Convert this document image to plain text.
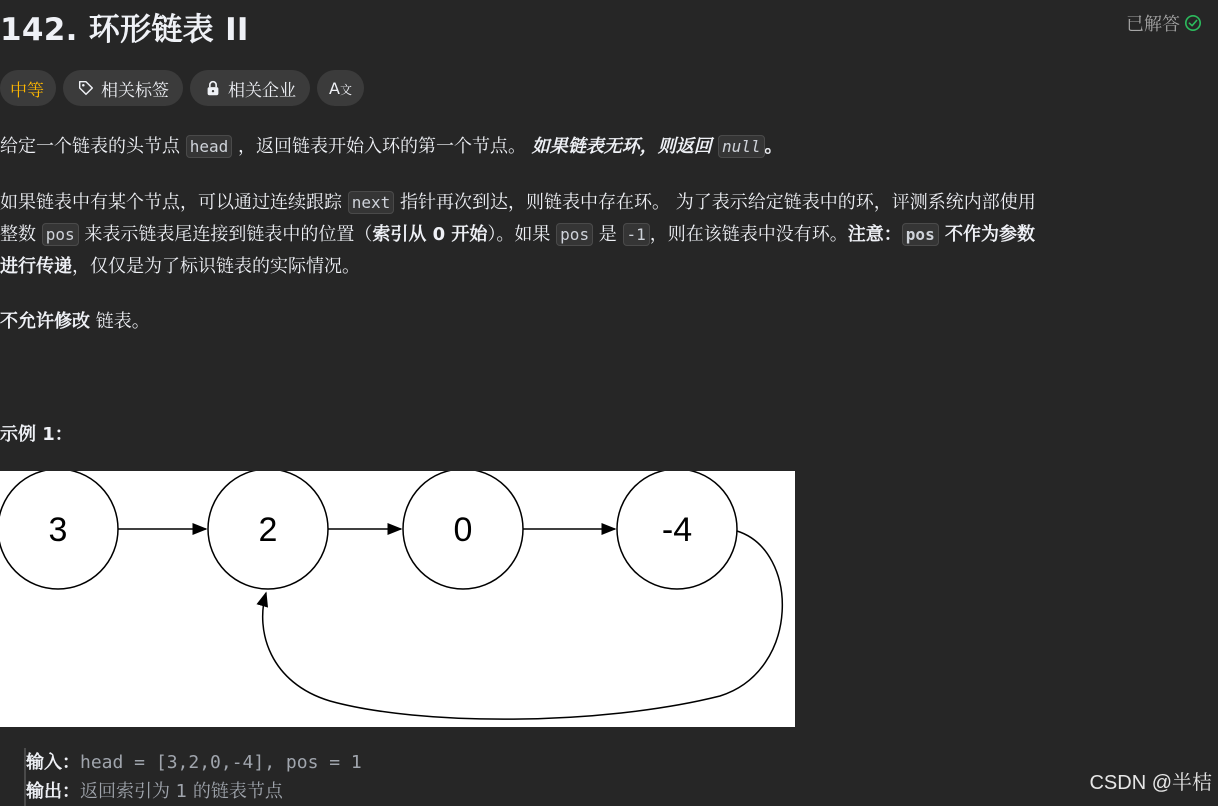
142. 环形链表 II	已解答
中等	相关标签	相关企业 A文

给定一个链表的头节点 head ，返回链表开始入环的第一个节点。 如果链表无环，则返回 null 。

如果链表中有某个节点，可以通过连续跟踪 next 指针再次到达，则链表中存在环。 为了表示给定链表中的环，评测系统内部使用

整数 pos 来表示链表尾连接到链表中的位置（索引从 0 开始）。如果 pos 是 -1 ，则在该链表中没有环。注意： pos 不作为参数

进行传递，仅仅是为了标识链表的实际情况。

不允许修改 链表。

示例 1：
3	2	0	-4
输入：head = [3,2,0,-4], pos = 1
输出：返回索引为 1 的链表节点	CSDN @半桔
